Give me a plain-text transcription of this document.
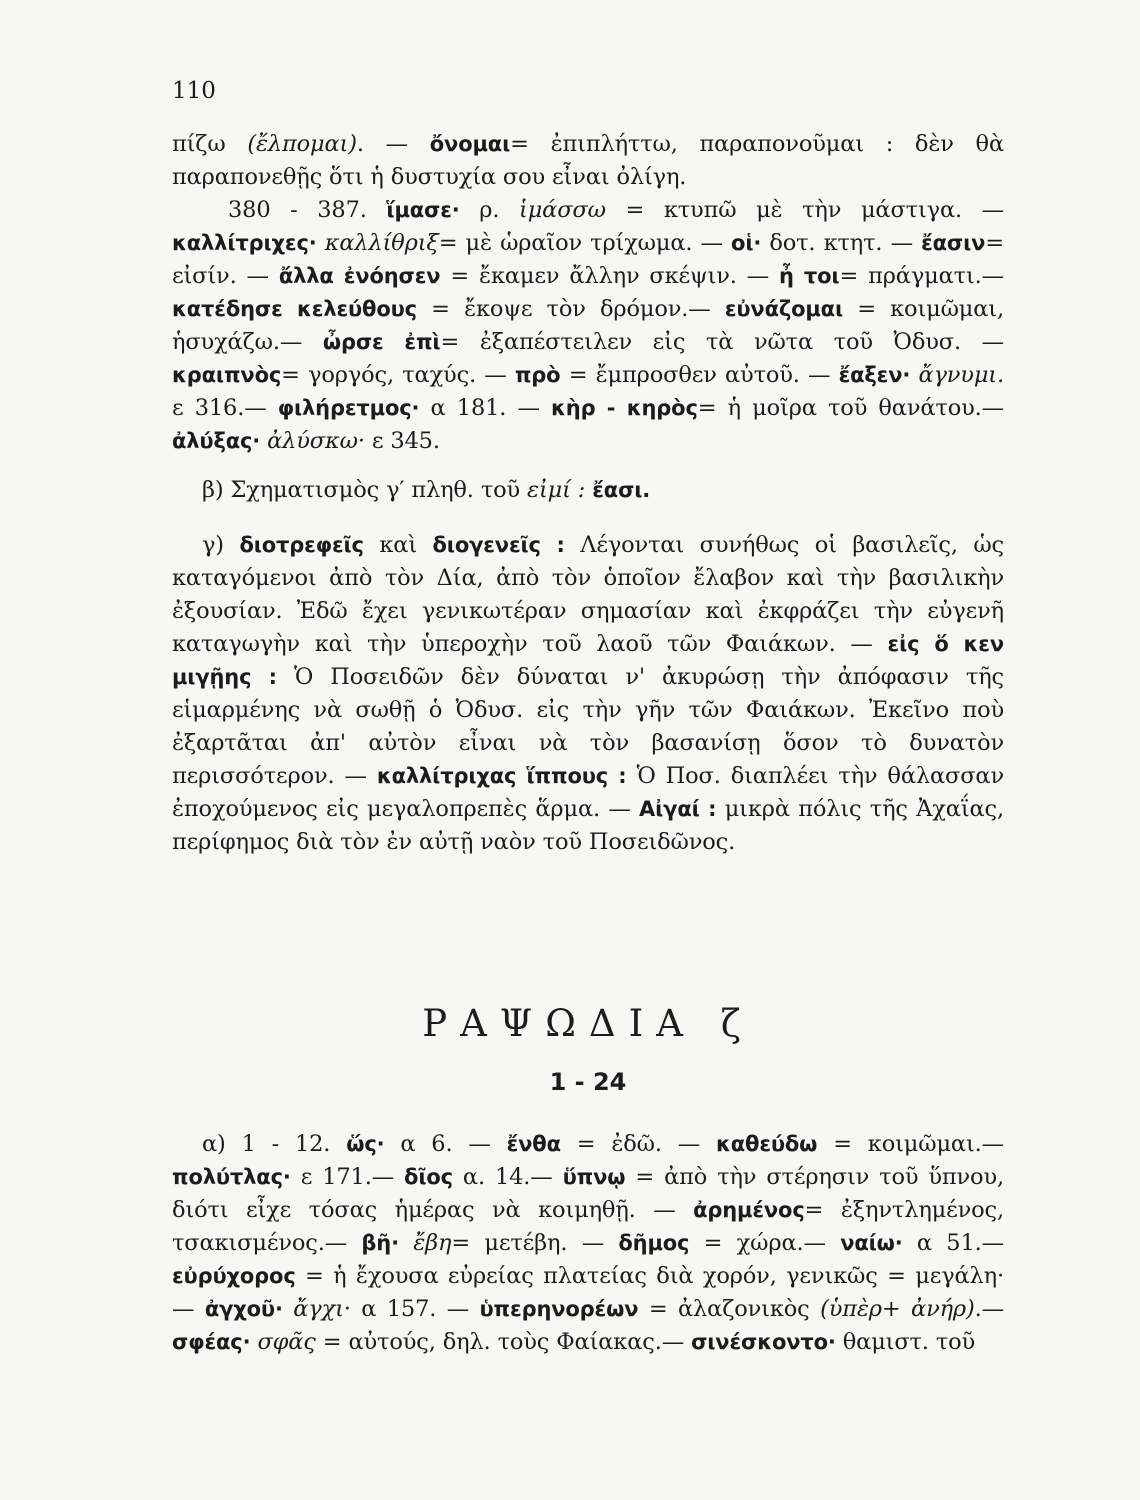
110

πίζω (ἔλπομαι). — ὄνομαι= ἐπιπλήττω, παραπονοῦμαι : δὲν θὰ παραπονεθῇς ὅτι ἡ δυστυχία σου εἶναι ὀλίγη.

380 - 387. ἵμασε· ρ. ἱμάσσω = κτυπῶ μὲ τὴν μάστιγα. — καλλίτριχες· καλλίθριξ= μὲ ὡραῖον τρίχωμα. — οἱ· δοτ. κτητ. — ἔασιν= εἰσίν. — ἄλλα ἐνόησεν = ἔκαμεν ἄλλην σκέψιν. — ἦ τοι= πράγματι.— κατέδησε κελεύθους = ἔκοψε τὸν δρόμον.— εὐνάζομαι = κοιμῶμαι, ἡσυχάζω.— ὦρσε ἐπὶ= ἐξαπέστειλεν εἰς τὰ νῶτα τοῦ Ὀδυσ. — κραιπνὸς= γοργός, ταχύς. — πρὸ = ἔμπροσθεν αὐτοῦ. — ἔαξεν· ἄγνυμι. ε 316.— φιλήρετμος· α 181. — κὴρ - κηρὸς= ἡ μοῖρα τοῦ θανάτου.— ἀλύξας· ἀλύσκω· ε 345.

β) Σχηματισμὸς γ′ πληθ. τοῦ εἰμί : ἔασι.

γ) διοτρεφεῖς καὶ διογενεῖς : Λέγονται συνήθως οἱ βασιλεῖς, ὡς καταγόμενοι ἀπὸ τὸν Δία, ἀπὸ τὸν ὁποῖον ἔλαβον καὶ τὴν βασιλικὴν ἐξουσίαν. Ἐδῶ ἔχει γενικωτέραν σημασίαν καὶ ἐκφράζει τὴν εὐγενῆ καταγωγὴν καὶ τὴν ὑπεροχὴν τοῦ λαοῦ τῶν Φαιάκων. — εἰς ὅ κεν μιγῇης : Ὁ Ποσειδῶν δὲν δύναται ν' ἀκυρώσῃ τὴν ἀπόφασιν τῆς εἱμαρμένης νὰ σωθῇ ὁ Ὀδυσ. εἰς τὴν γῆν τῶν Φαιάκων. Ἐκεῖνο ποὺ ἐξαρτᾶται ἀπ' αὐτὸν εἶναι νὰ τὸν βασανίσῃ ὅσον τὸ δυνατὸν περισσότερον. — καλλίτριχας ἵππους : Ὁ Ποσ. διαπλέει τὴν θάλασσαν ἐποχούμενος εἰς μεγαλοπρεπὲς ἅρμα. — Αἰγαί : μικρὰ πόλις τῆς Ἀχαΐας, περίφημος διὰ τὸν ἐν αὐτῇ ναὸν τοῦ Ποσειδῶνος.

ΡΑΨΩΔΙΑ ζ
1 - 24

α) 1 - 12. ὥς· α 6. — ἔνθα = ἐδῶ. — καθεύδω = κοιμῶμαι.— πολύτλας· ε 171.— δῖος α. 14.— ὕπνῳ = ἀπὸ τὴν στέρησιν τοῦ ὕπνου, διότι εἶχε τόσας ἡμέρας νὰ κοιμηθῇ. — ἀρημένος= ἐξηντλημένος, τσακισμένος.— βῆ· ἔβη= μετέβη. — δῆμος = χώρα.— ναίω· α 51.— εὐρύχορος = ἡ ἔχουσα εὐρείας πλατείας διὰ χορόν, γενικῶς = μεγάλη· — ἀγχοῦ· ἄγχι· α 157. — ὑπερηνορέων = ἀλαζονικὸς (ὑπὲρ+ ἀνήρ).— σφέας· σφᾶς = αὐτούς, δηλ. τοὺς Φαίακας.— σινέσκοντο· θαμιστ. τοῦ
